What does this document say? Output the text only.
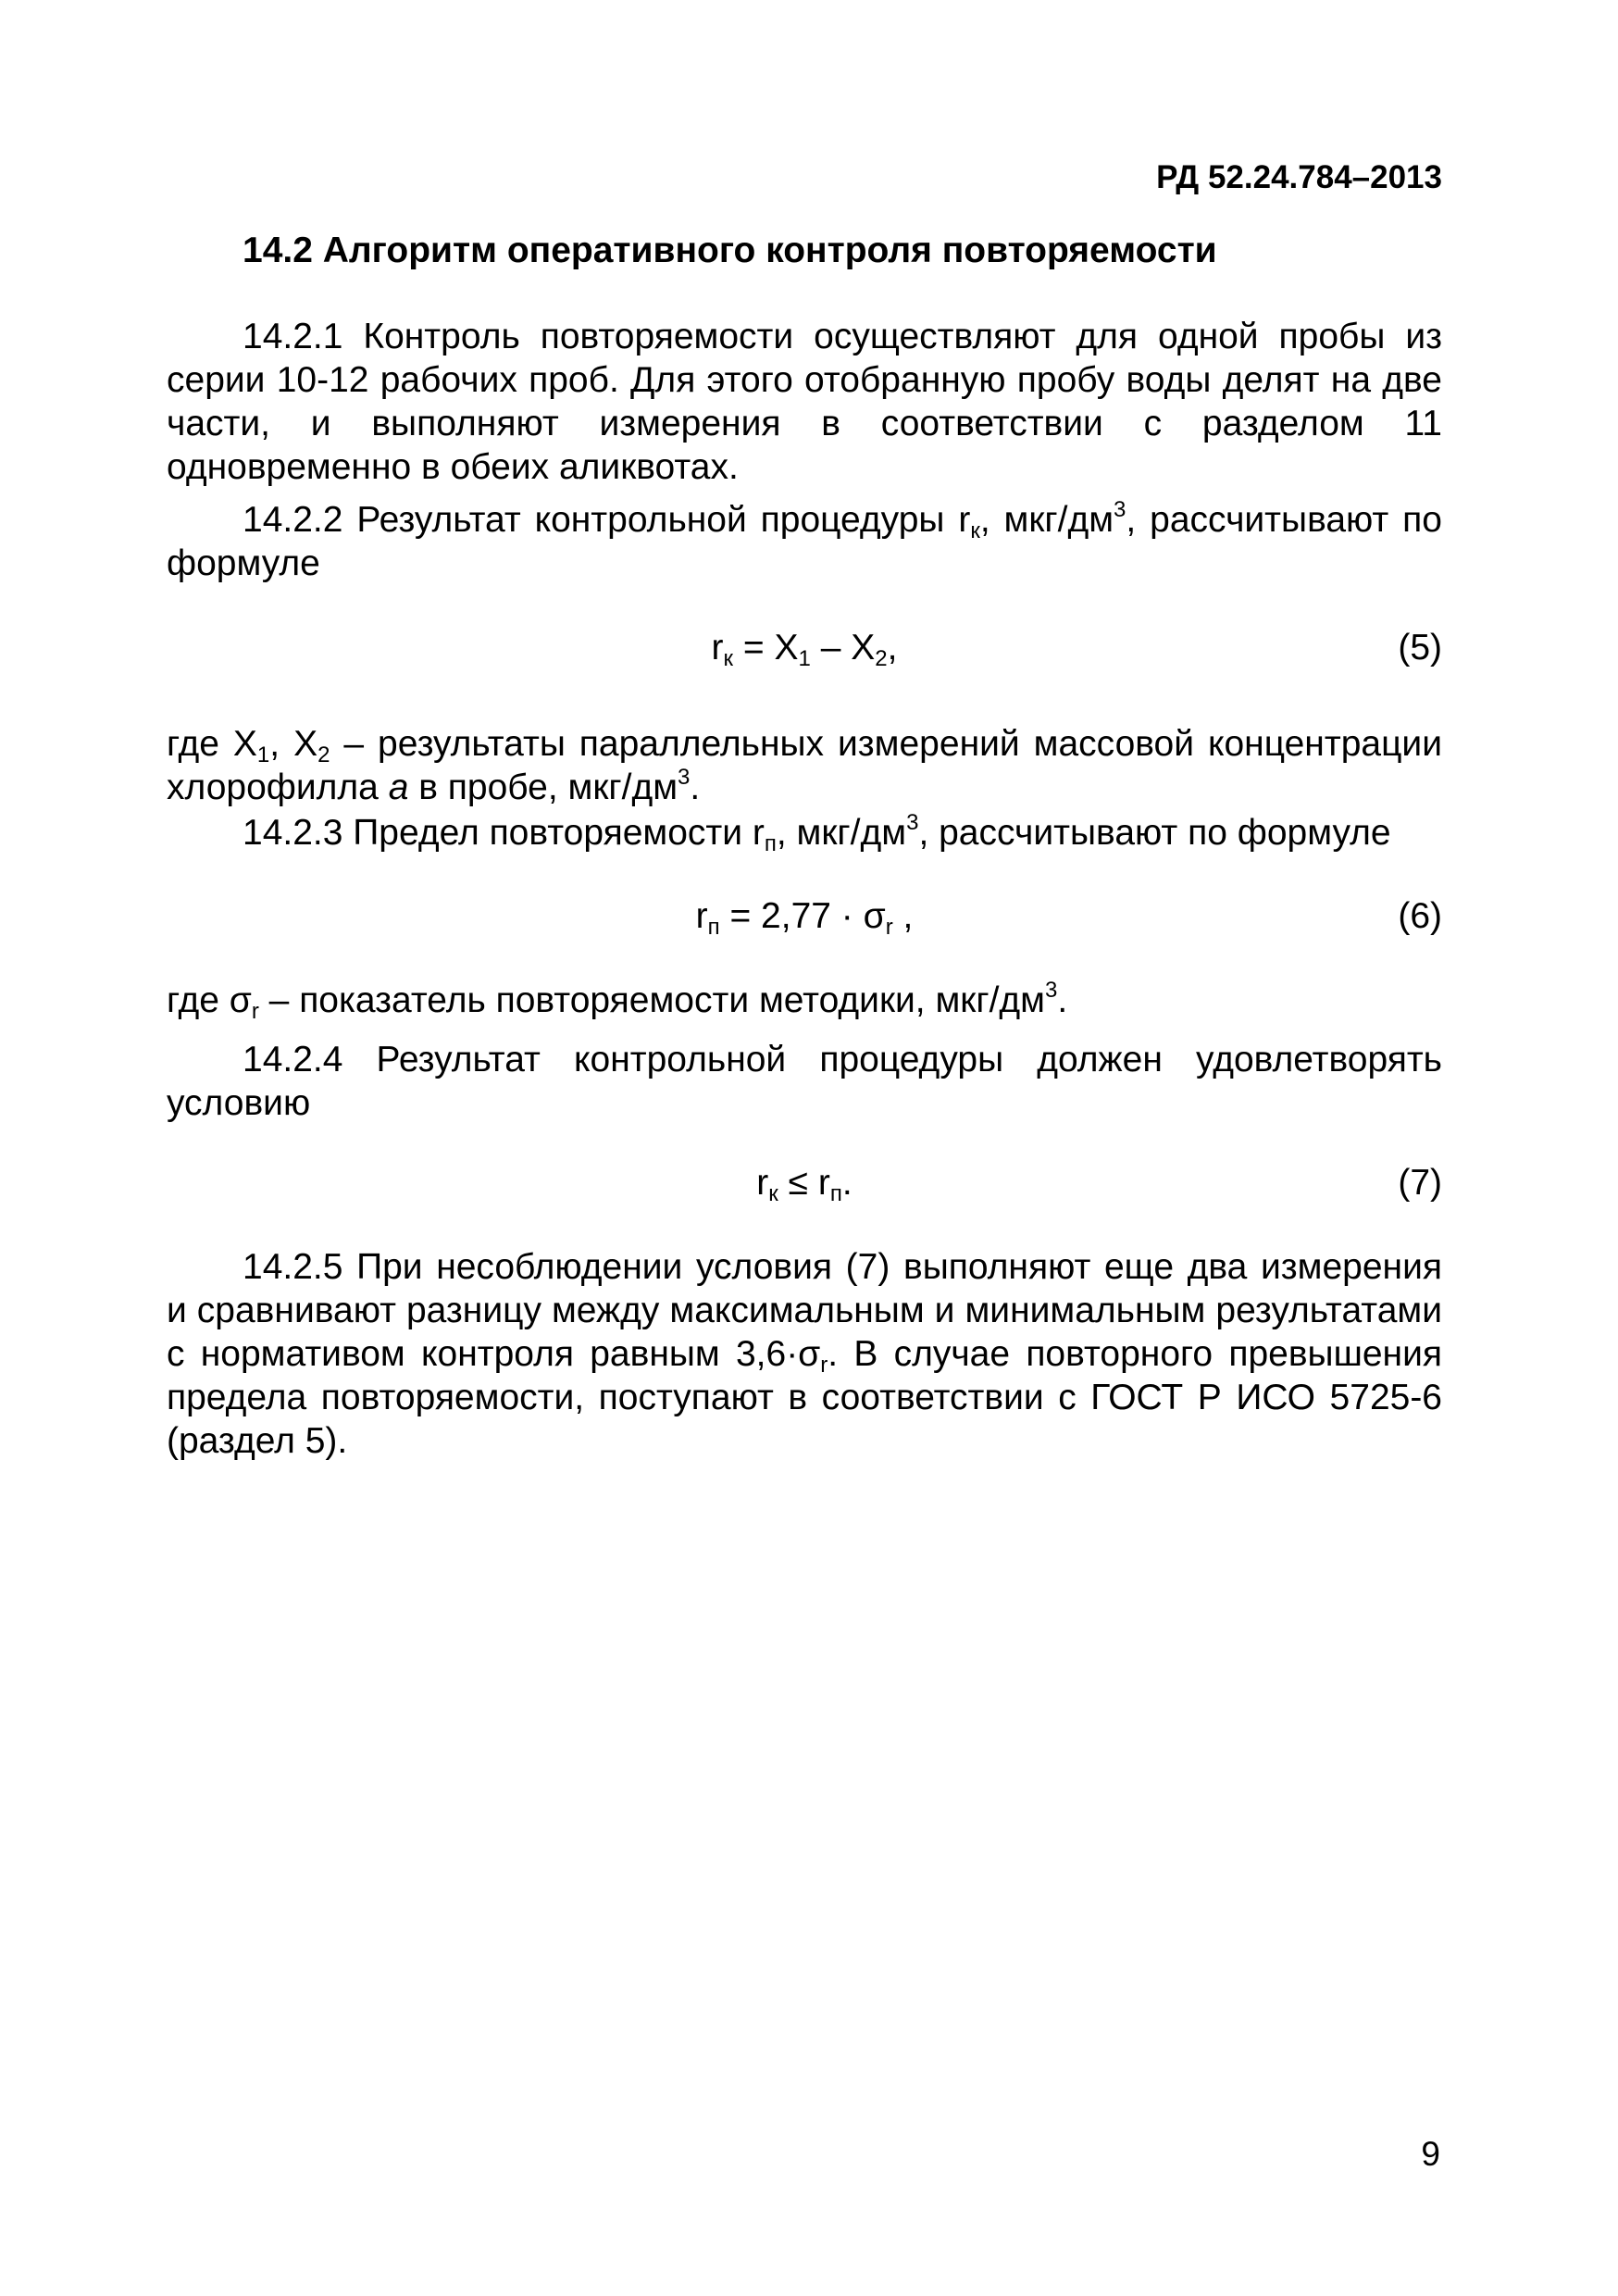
РД 52.24.784–2013
14.2 Алгоритм оперативного контроля повторяемости
14.2.1 Контроль повторяемости осуществляют для одной пробы из серии 10-12 рабочих проб. Для этого отобранную пробу воды делят на две части, и выполняют измерения в соответствии с разделом 11 одновременно в обеих аликвотах.
14.2.2 Результат контрольной процедуры $r_к$, мкг/$дм^3$, рассчитывают по формуле
$r_к = X_1 - X_2$,	(5)
где $X_1$, $X_2$ – результаты параллельных измерений массовой концентрации хлорофилла a в пробе, мкг/$дм^3$.
14.2.3 Предел повторяемости $r_п$, мкг/$дм^3$, рассчитывают по формуле
$r_п = 2,77 \cdot \sigma_r$ ,	(6)
где $\sigma_r$ – показатель повторяемости методики, мкг/$дм^3$.
14.2.4 Результат контрольной процедуры должен удовлетворять условию
$r_к \le r_п$.	(7)
14.2.5 При несоблюдении условия (7) выполняют еще два измерения и сравнивают разницу между максимальным и минимальным результатами с нормативом контроля равным $3,6\cdot\sigma_r$. В случае повторного превышения предела повторяемости, поступают в соответствии с ГОСТ Р ИСО 5725-6 (раздел 5).
9
